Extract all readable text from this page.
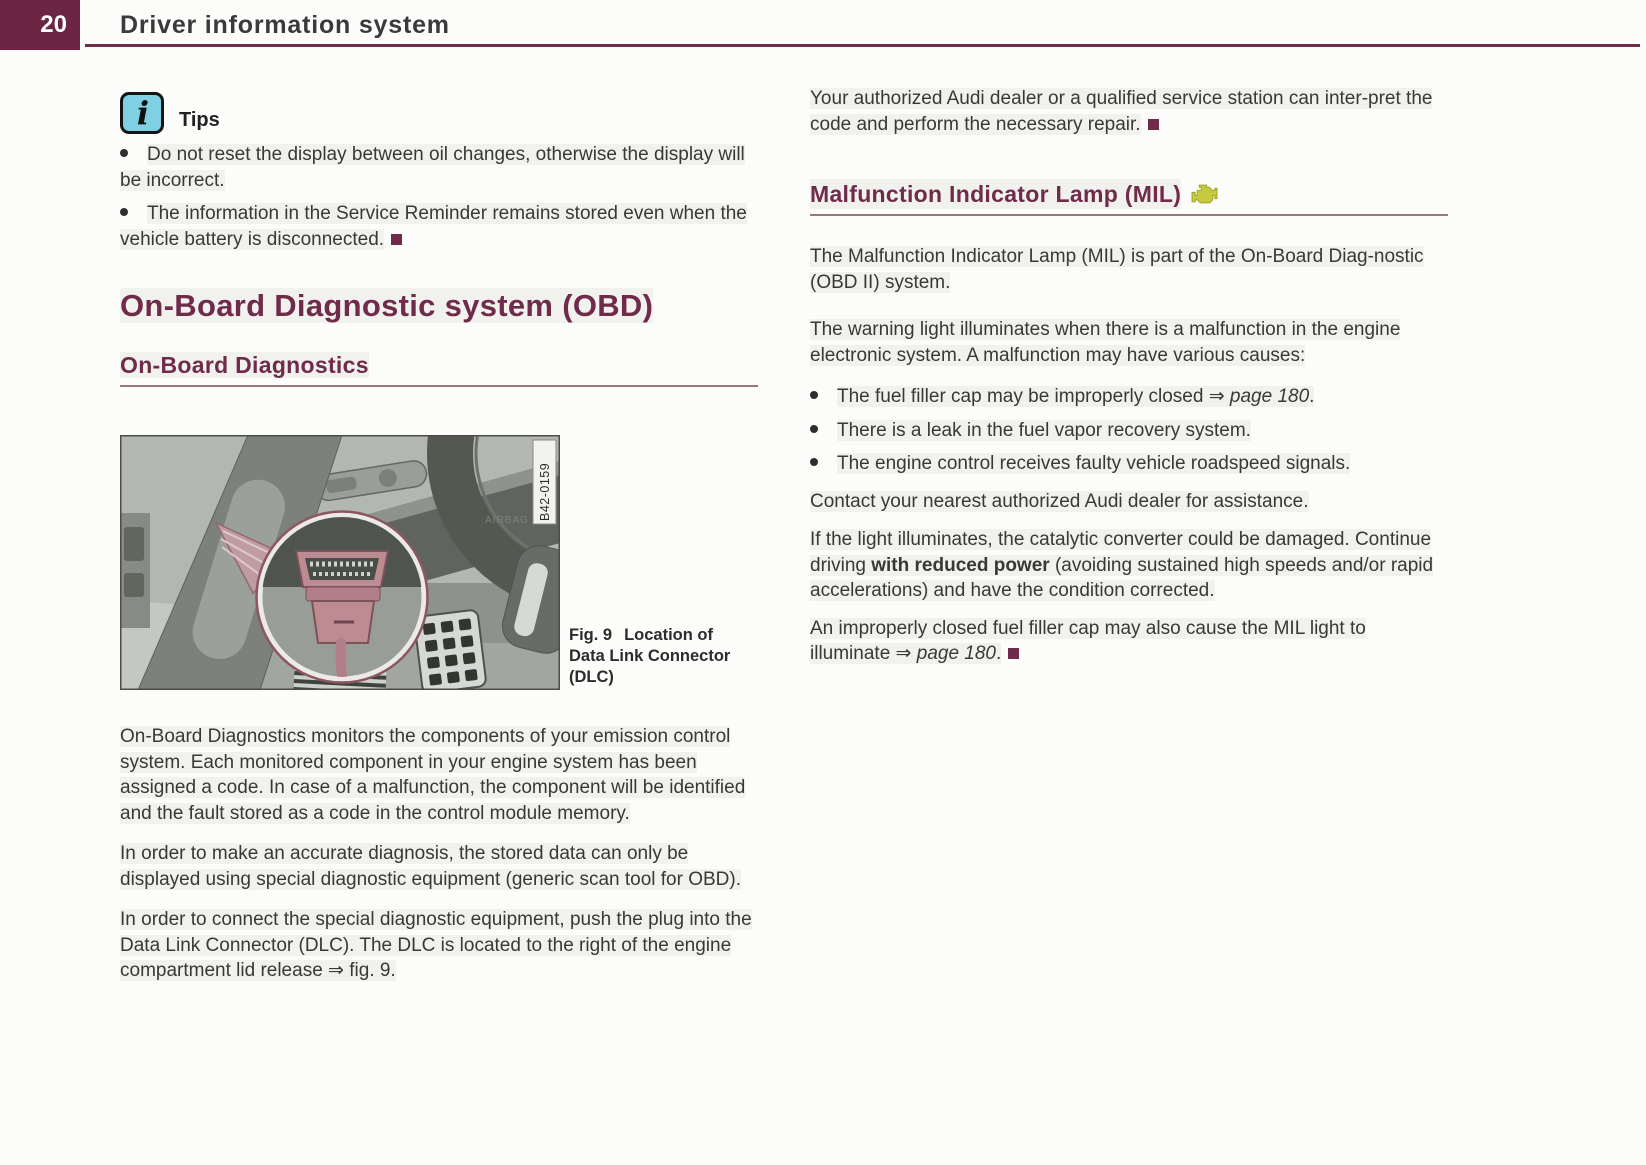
20 Driver information system
i Tips

Do not reset the display between oil changes, otherwise the display will be incorrect.

The information in the Service Reminder remains stored even when the vehicle battery is disconnected.

On-Board Diagnostic system (OBD)
On-Board Diagnostics
AIRBAG B42-0159
Fig. 9 Location of Data Link Connector (DLC)

On-Board Diagnostics monitors the components of your emission control system. Each monitored component in your engine system has been assigned a code. In case of a malfunction, the component will be identified and the fault stored as a code in the control module memory.

In order to make an accurate diagnosis, the stored data can only be displayed using special diagnostic equipment (generic scan tool for OBD).

In order to connect the special diagnostic equipment, push the plug into the Data Link Connector (DLC). The DLC is located to the right of the engine compartment lid release ⇒ fig. 9.

Your authorized Audi dealer or a qualified service station can inter-pret the code and perform the necessary repair.

Malfunction Indicator Lamp (MIL)

The Malfunction Indicator Lamp (MIL) is part of the On-Board Diag-nostic (OBD II) system.

The warning light illuminates when there is a malfunction in the engine electronic system. A malfunction may have various causes:

The fuel filler cap may be improperly closed ⇒ page 180.

There is a leak in the fuel vapor recovery system.

The engine control receives faulty vehicle roadspeed signals.

Contact your nearest authorized Audi dealer for assistance.

If the light illuminates, the catalytic converter could be damaged. Continue driving with reduced power (avoiding sustained high speeds and/or rapid accelerations) and have the condition corrected.

An improperly closed fuel filler cap may also cause the MIL light to illuminate ⇒ page 180.
